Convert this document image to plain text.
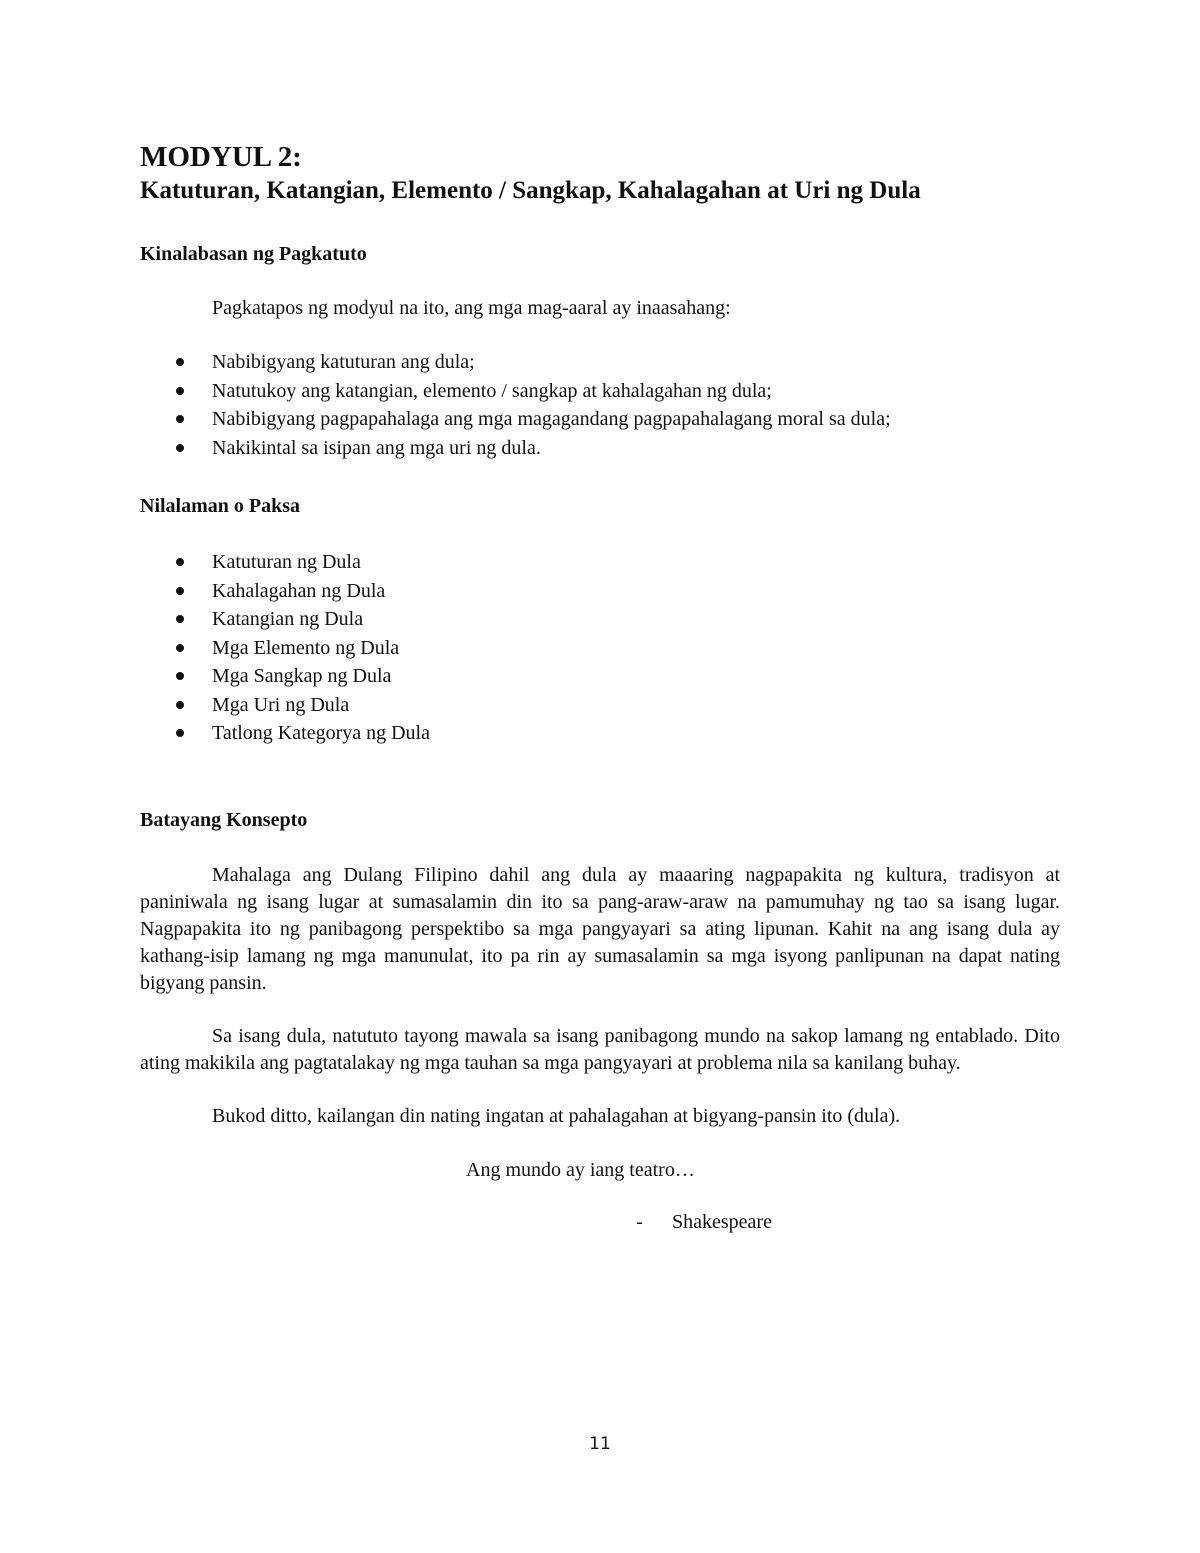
MODYUL 2:
Katuturan, Katangian, Elemento / Sangkap, Kahalagahan at Uri ng Dula
Kinalabasan ng Pagkatuto

Pagkatapos ng modyul na ito, ang mga mag-aaral ay inaasahang:

Nabibigyang katuturan ang dula;
Natutukoy ang katangian, elemento / sangkap at kahalagahan ng dula;
Nabibigyang pagpapahalaga ang mga magagandang pagpapahalagang moral sa dula;
Nakikintal sa isipan ang mga uri ng dula.
Nilalaman o Paksa
Katuturan ng Dula
Kahalagahan ng Dula
Katangian ng Dula
Mga Elemento ng Dula
Mga Sangkap ng Dula
Mga Uri ng Dula
Tatlong Kategorya ng Dula
Batayang Konsepto

Mahalaga ang Dulang Filipino dahil ang dula ay maaaring nagpapakita ng kultura, tradisyon at paniniwala ng isang lugar at sumasalamin din ito sa pang-araw-araw na pamumuhay ng tao sa isang lugar. Nagpapakita ito ng panibagong perspektibo sa mga pangyayari sa ating lipunan. Kahit na ang isang dula ay kathang-isip lamang ng mga manunulat, ito pa rin ay sumasalamin sa mga isyong panlipunan na dapat nating bigyang pansin.

Sa isang dula, natututo tayong mawala sa isang panibagong mundo na sakop lamang ng entablado. Dito ating makikila ang pagtatalakay ng mga tauhan sa mga pangyayari at problema nila sa kanilang buhay.

Bukod ditto, kailangan din nating ingatan at pahalagahan at bigyang-pansin ito (dula).

Ang mundo ay iang teatro…

- Shakespeare

11
